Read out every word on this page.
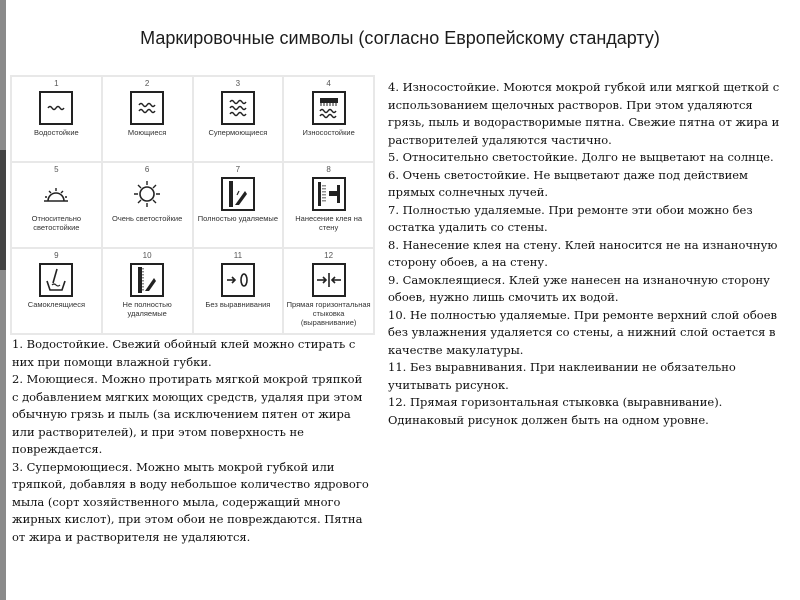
Маркировочные символы (согласно Европейскому стандарту)
1
Водостойкие
2
Моющиеся
3
Супермоющиеся
4
Износостойкие
5
Относительно светостойкие
6
Очень светостойкие
7
Полностью удаляемые
8
Нанесение клея на стену
9
Самоклеящиеся
10
Не полностью удаляемые
11
Без выравнивания
12
Прямая горизонтальная стыковка (выравнивание)

4. Износостойкие. Моются мокрой губкой или мягкой щеткой с использованием щелочных растворов. При этом удаляются грязь, пыль и водорастворимые пятна. Свежие пятна от жира и растворителей удаляются частично.

5. Относительно светостойкие. Долго не выцветают на солнце.

6. Очень светостойкие. Не выцветают даже под действием прямых солнечных лучей.

7. Полностью удаляемые. При ремонте эти обои можно без остатка удалить со стены.

8. Нанесение клея на стену. Клей наносится не на изнаночную сторону обоев, а на стену.

9. Самоклеящиеся. Клей уже нанесен на изнаночную сторону обоев, нужно лишь смочить их водой.

10. Не полностью удаляемые. При ремонте верхний слой обоев без увлажнения удаляется со стены, а нижний слой остается в качестве макулатуры.

11. Без выравнивания. При наклеивании не обязательно учитывать рисунок.

12. Прямая горизонтальная стыковка (выравнивание). Одинаковый рисунок должен быть на одном уровне.

1. Водостойкие. Свежий обойный клей можно стирать с них при помощи влажной губки.

2. Моющиеся. Можно протирать мягкой мокрой тряпкой с добавлением мягких моющих средств, удаляя при этом обычную грязь и пыль (за исключением пятен от жира или растворителей), и при этом поверхность не повреждается.

3. Супермоющиеся. Можно мыть мокрой губкой или тряпкой, добавляя в воду небольшое количество ядрового мыла (сорт хозяйственного мыла, содержащий много жирных кислот), при этом обои не повреждаются. Пятна от жира и растворителя не удаляются.
